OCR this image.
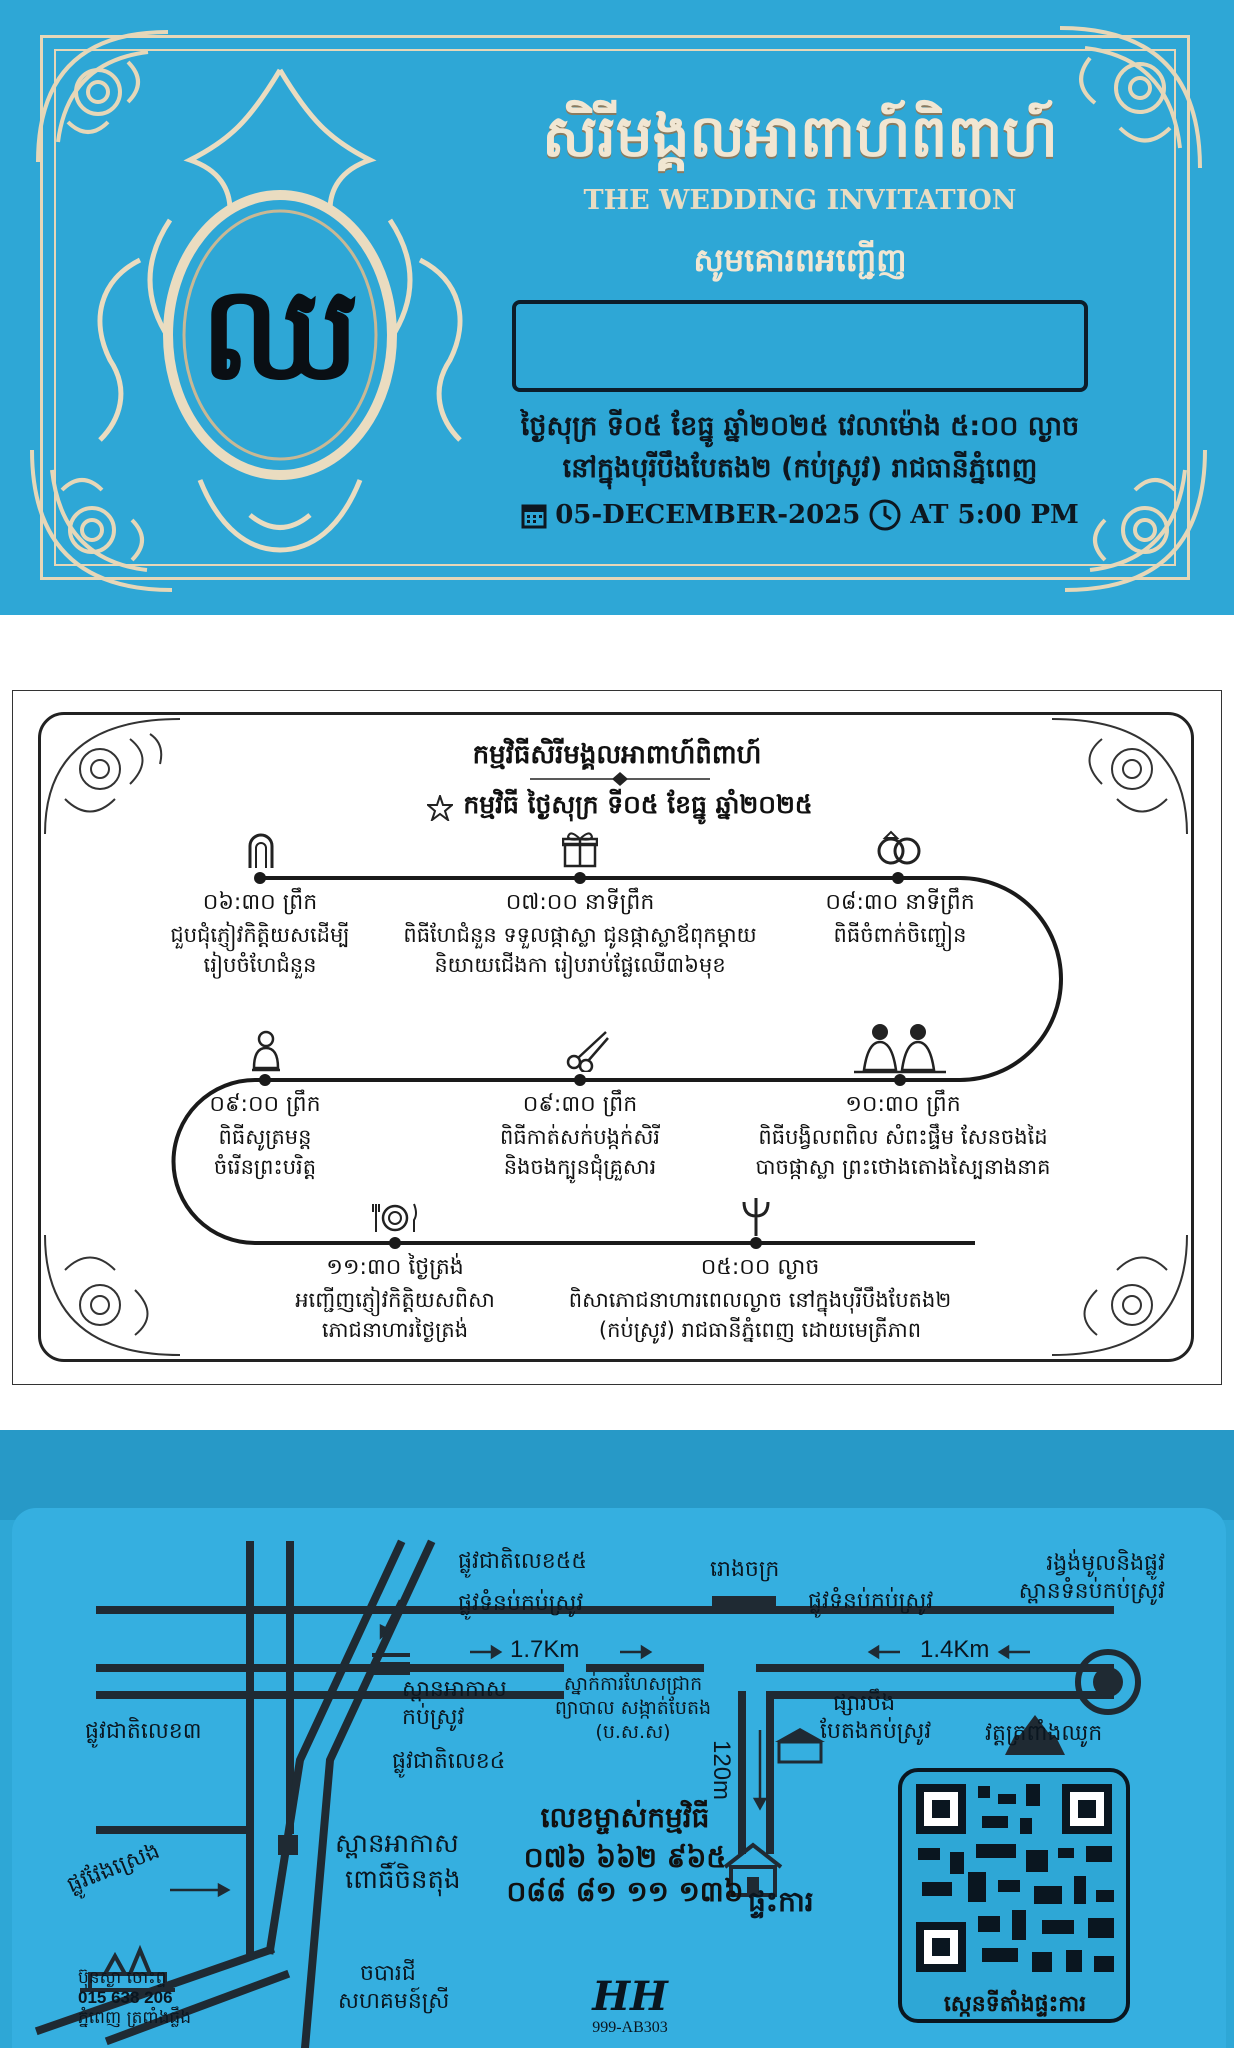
ឈ
សិរីមង្គលអាពាហ៍ពិពាហ៍
THE WEDDING INVITATION
សូមគោរពអញ្ជើញ
ថ្ងៃសុក្រ ទី០៥ ខែធ្នូ ឆ្នាំ២០២៥ វេលាម៉ោង ៥:០០ ល្ងាច
នៅក្នុងបុរីបឹងបែតង២ (កប់ស្រូវ) រាជធានីភ្នំពេញ
05-DECEMBER-2025 AT 5:00 PM
កម្មវិធីសិរីមង្គលអាពាហ៍ពិពាហ៍
កម្មវិធី ថ្ងៃសុក្រ ទី០៥ ខែធ្នូ ឆ្នាំ២០២៥
០៦:៣០ ព្រឹក
ជួបជុំភ្ញៀវកិត្តិយសដើម្បី
រៀបចំហែជំនួន
០៧:០០ នាទីព្រឹក
ពិធីហែជំនួន ទទួលផ្កាស្លា ជូនផ្កាស្លាឪពុកម្តាយ
និយាយជើងកា រៀបរាប់ផ្លែឈើ៣៦មុខ
០៨:៣០ នាទីព្រឹក
ពិធីចំពាក់ចិញ្ចៀន
០៩:០០ ព្រឹក
ពិធីសូត្រមន្ត
ចំរើនព្រះបរិត្ត
០៩:៣០ ព្រឹក
ពិធីកាត់សក់បង្កក់សិរី
និងចងក្បូនជុំគ្រួសារ
១០:៣០ ព្រឹក
ពិធីបង្វិលពពិល សំពះផ្ទឹម សែនចងដៃ
បាចផ្កាស្លា ព្រះថោងតោងស្បៃនាងនាគ
១១:៣០ ថ្ងៃត្រង់
អញ្ជើញភ្ញៀវកិត្តិយសពិសា
ភោជនាហារថ្ងៃត្រង់
០៥:០០ ល្ងាច
ពិសាភោជនាហារពេលល្ងាច នៅក្នុងបុរីបឹងបែតង២
(កប់ស្រូវ) រាជធានីភ្នំពេញ ដោយមេត្រីភាព
ផ្លូវជាតិលេខ៥៥
ផ្លូវទំនប់កប់ស្រូវ
រោងចក្រ
ផ្លូវទំនប់កប់ស្រូវ
រង្វង់មូលនិងផ្លូវ
ស្ពានទំនប់កប់ស្រូវ
1.7Km	1.4Km
120m
ស្ពានអាកាស
កប់ស្រូវ
ស្នាក់ការហែសជ្រាក
ព្យាបាល សង្កាត់បែតង
(ប.ស.ស)
ផ្សារបឹង
បែតងកប់ស្រូវ វត្តត្រពាំងឈូក
ផ្លូវជាតិលេខ៤
ផ្លូវជាតិលេខ៣
ផ្លូវវែងស្រេង	ស្ពានអាកាស
ពោធិ៍ចិនតុង
ចបារជី
សហគមន៍ស្រី
លេខម្ចាស់កម្មវិធី
០៧៦ ៦៦២ ៩៦៥
០៨៨ ៨១ ១១ ១៣៦ ផ្ទះការ
ស្កេនទីតាំងផ្ទះការ
ប៊ុនស្ងា ចោះព្ទ
015 638 206
ភ្នំពេញ ត្រពាំងធ្លឹង	HH
999-AB303
